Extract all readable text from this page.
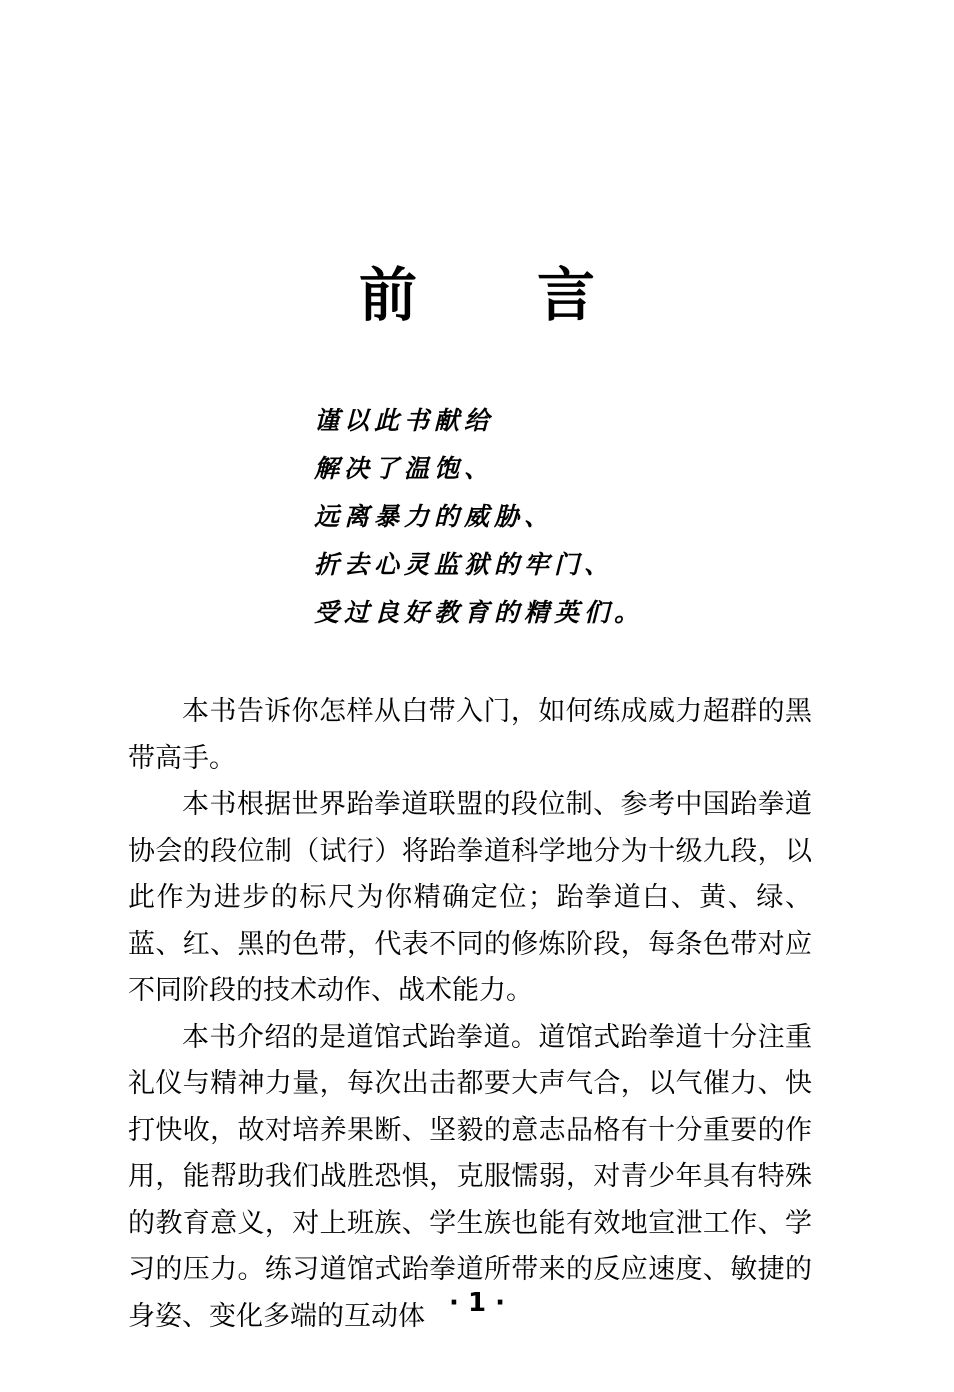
前 言
谨以此书献给
解决了温饱、
远离暴力的威胁、
折去心灵监狱的牢门、
受过良好教育的精英们。

本书告诉你怎样从白带入门，如何练成威力超群的黑带高手。

本书根据世界跆拳道联盟的段位制、参考中国跆拳道协会的段位制（试行）将跆拳道科学地分为十级九段，以此作为进步的标尺为你精确定位；跆拳道白、黄、绿、蓝、红、黑的色带，代表不同的修炼阶段，每条色带对应不同阶段的技术动作、战术能力。

本书介绍的是道馆式跆拳道。道馆式跆拳道十分注重礼仪与精神力量，每次出击都要大声气合，以气催力、快打快收，故对培养果断、坚毅的意志品格有十分重要的作用，能帮助我们战胜恐惧，克服懦弱，对青少年具有特殊的教育意义，对上班族、学生族也能有效地宣泄工作、学习的压力。练习道馆式跆拳道所带来的反应速度、敏捷的身姿、变化多端的互动体 · 1 ·
